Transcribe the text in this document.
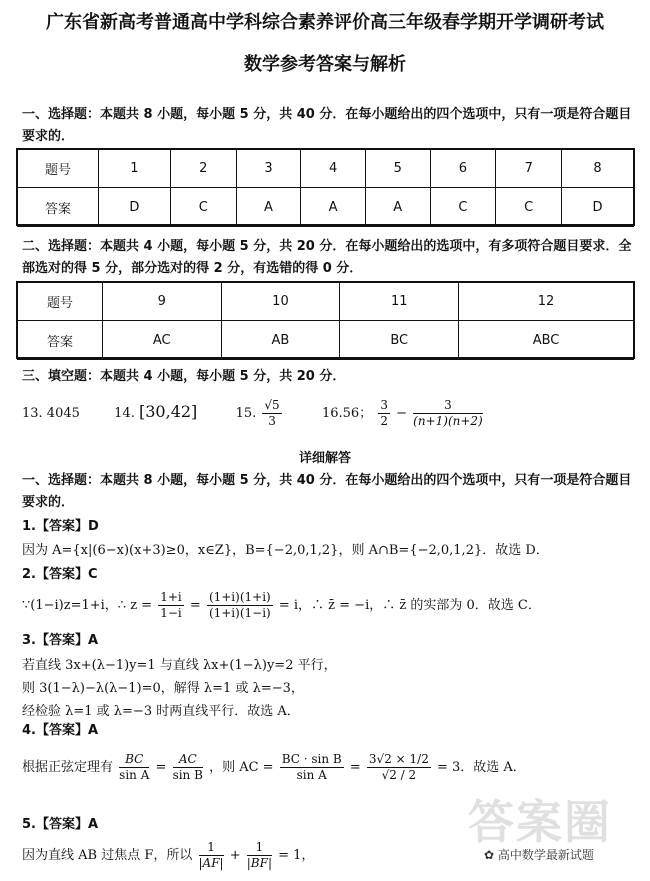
广东省新高考普通高中学科综合素养评价高三年级春学期开学调研考试
数学参考答案与解析
一、选择题：本题共 8 小题，每小题 5 分，共 40 分．在每小题给出的四个选项中，只有一项是符合题目
要求的．
题号	1	2	3	4	5	6	7	8
答案	D	C	A	A	A	C	C	D
二、选择题：本题共 4 小题，每小题 5 分，共 20 分．在每小题给出的选项中，有多项符合题目要求．全
部选对的得 5 分，部分选对的得 2 分，有选错的得 0 分．
题号	9	10	11	12
答案	AC	AB	BC	ABC
三、填空题：本题共 4 小题，每小题 5 分，共 20 分．
13. 4045	14. [30,42]	15. $\frac{√5}{3}$	16.56； $\frac{3}{2} - \frac{3}{(n+1)(n+2)}$
详细解答
一、选择题：本题共 8 小题，每小题 5 分，共 40 分．在每小题给出的四个选项中，只有一项是符合题目
要求的．
1.【答案】D
因为 A={x|(6−x)(x+3)≥0，x∈Z}，B={−2,0,1,2}，则 A∩B={−2,0,1,2}．故选 D．
2.【答案】C
∵(1−i)z=1+i，∴ $z = \frac{1+i}{1-i} = \frac{(1+i)(1+i)}{(1+i)(1-i)} = i$，∴ z̄ = −i，∴ z̄ 的实部为 0．故选 C．
3.【答案】A
若直线 3x+(λ−1)y=1 与直线 λx+(1−λ)y=2 平行，
则 3(1−λ)−λ(λ−1)=0，解得 λ=1 或 λ=−3，
经检验 λ=1 或 λ=−3 时两直线平行．故选 A．
4.【答案】A
根据正弦定理有 $\frac{BC}{\text{sin A}} = \frac{AC}{\text{sin B}}$ ，则 AC = $\frac{\text{BC · sin B}}{\text{sin A}} = \frac{3√2 \times 1/2}{√2 / 2} = 3$．故选 A．
5.【答案】A
因为直线 AB 过焦点 F，所以 $\frac{1}{|AF|} + \frac{1}{|BF|} = 1$，
答案圈
✿ 高中数学最新试题
